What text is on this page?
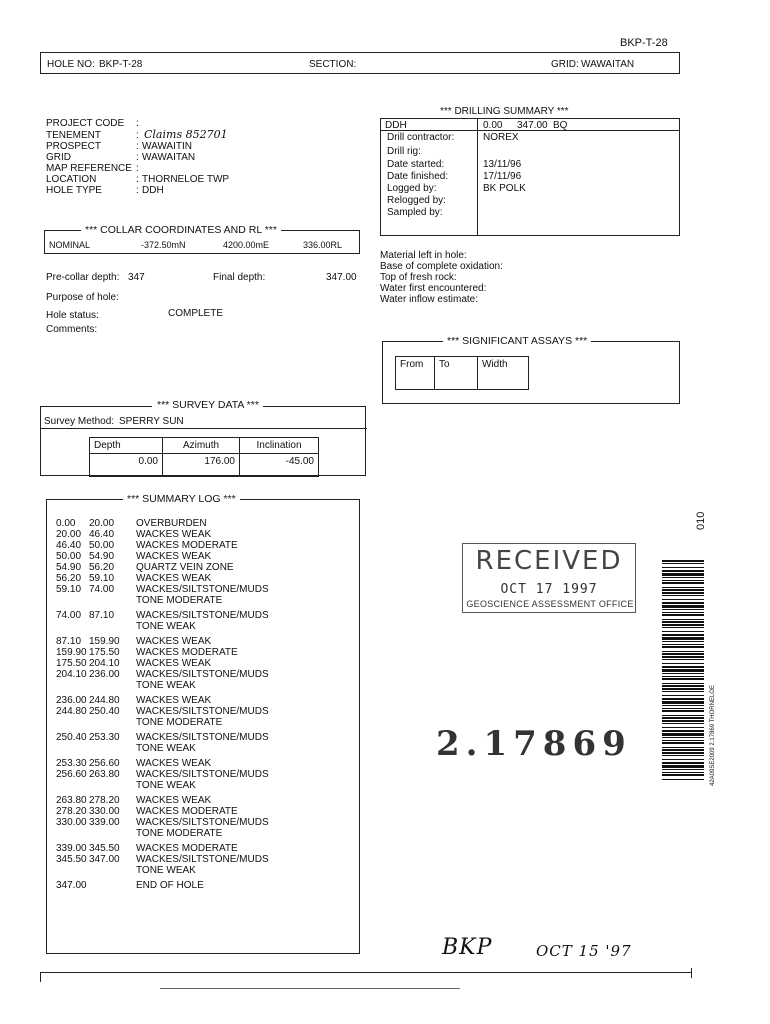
BKP-T-28
HOLE NO: BKP-T-28	SECTION:	GRID: WAWAITAN
PROJECT CODE :
TENEMENT	: Claims 852701
PROSPECT	: WAWAITIN
GRID	: WAWAITAN
MAP REFERENCE :
LOCATION	: THORNELOE TWP
HOLE TYPE	: DDH
*** COLLAR COORDINATES AND RL ***
NOMINAL	-372.50mN	4200.00mE	336.00RL
Pre-collar depth: 347	Final depth:	347.00
Purpose of hole:
Hole status:	COMPLETE
Comments:
*** DRILLING SUMMARY ***
DDH	0.00 347.00 BQ
Drill contractor:	NOREX
Drill rig:
Date started:	13/11/96
Date finished:	17/11/96
Logged by:	BK POLK
Relogged by:
Sampled by:
Material left in hole:
Base of complete oxidation:
Top of fresh rock:
Water first encountered:
Water inflow estimate:
*** SIGNIFICANT ASSAYS ***
From	To	Width
*** SURVEY DATA ***
Survey Method: SPERRY SUN
Depth	Azimuth	Inclination
0.00	176.00	-45.00
*** SUMMARY LOG ***
0.00 20.00 OVERBURDEN
20.00 46.40 WACKES WEAK
46.40 50.00 WACKES MODERATE
50.00 54.90 WACKES WEAK
54.90 56.20 QUARTZ VEIN ZONE
56.20 59.10 WACKES WEAK
59.10 74.00 WACKES/SILTSTONE/MUDS
TONE MODERATE
74.00 87.10 WACKES/SILTSTONE/MUDS
TONE WEAK
87.10 159.90 WACKES WEAK
159.90 175.50 WACKES MODERATE
175.50 204.10 WACKES WEAK
204.10 236.00 WACKES/SILTSTONE/MUDS
TONE WEAK
236.00 244.80 WACKES WEAK
244.80 250.40 WACKES/SILTSTONE/MUDS
TONE MODERATE
250.40 253.30 WACKES/SILTSTONE/MUDS
TONE WEAK
253.30 256.60 WACKES WEAK
256.60 263.80 WACKES/SILTSTONE/MUDS
TONE WEAK
263.80 278.20 WACKES WEAK
278.20 330.00 WACKES MODERATE
330.00 339.00 WACKES/SILTSTONE/MUDS
TONE MODERATE
339.00 345.50 WACKES MODERATE
345.50 347.00 WACKES/SILTSTONE/MUDS
TONE WEAK
347.00	END OF HOLE
RECEIVED
OCT 17 1997
GEOSCIENCE ASSESSMENT OFFICE
2.17869
010
42A09SE2009 2.17869 THORNELOE
BKP	OCT 15 '97
